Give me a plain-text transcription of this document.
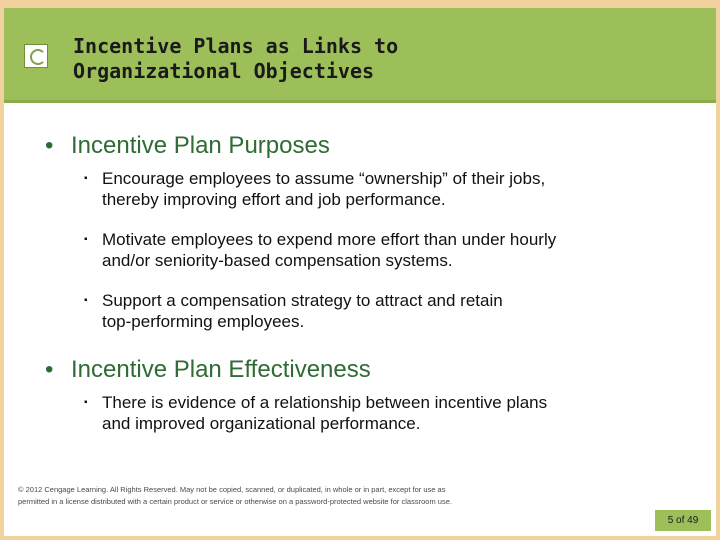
Incentive Plans as Links to
Organizational Objectives
• Incentive Plan Purposes
▪ Encourage employees to assume “ownership” of their jobs,
thereby improving effort and job performance.
▪ Motivate employees to expend more effort than under hourly
and/or seniority-based compensation systems.
▪ Support a compensation strategy to attract and retain
top-performing employees.
• Incentive Plan Effectiveness
▪ There is evidence of a relationship between incentive plans
and improved organizational performance.
© 2012 Cengage Learning. All Rights Reserved. May not be copied, scanned, or duplicated, in whole or in part, except for use as
permitted in a license distributed with a certain product or service or otherwise on a password-protected website for classroom use.
5 of 49
